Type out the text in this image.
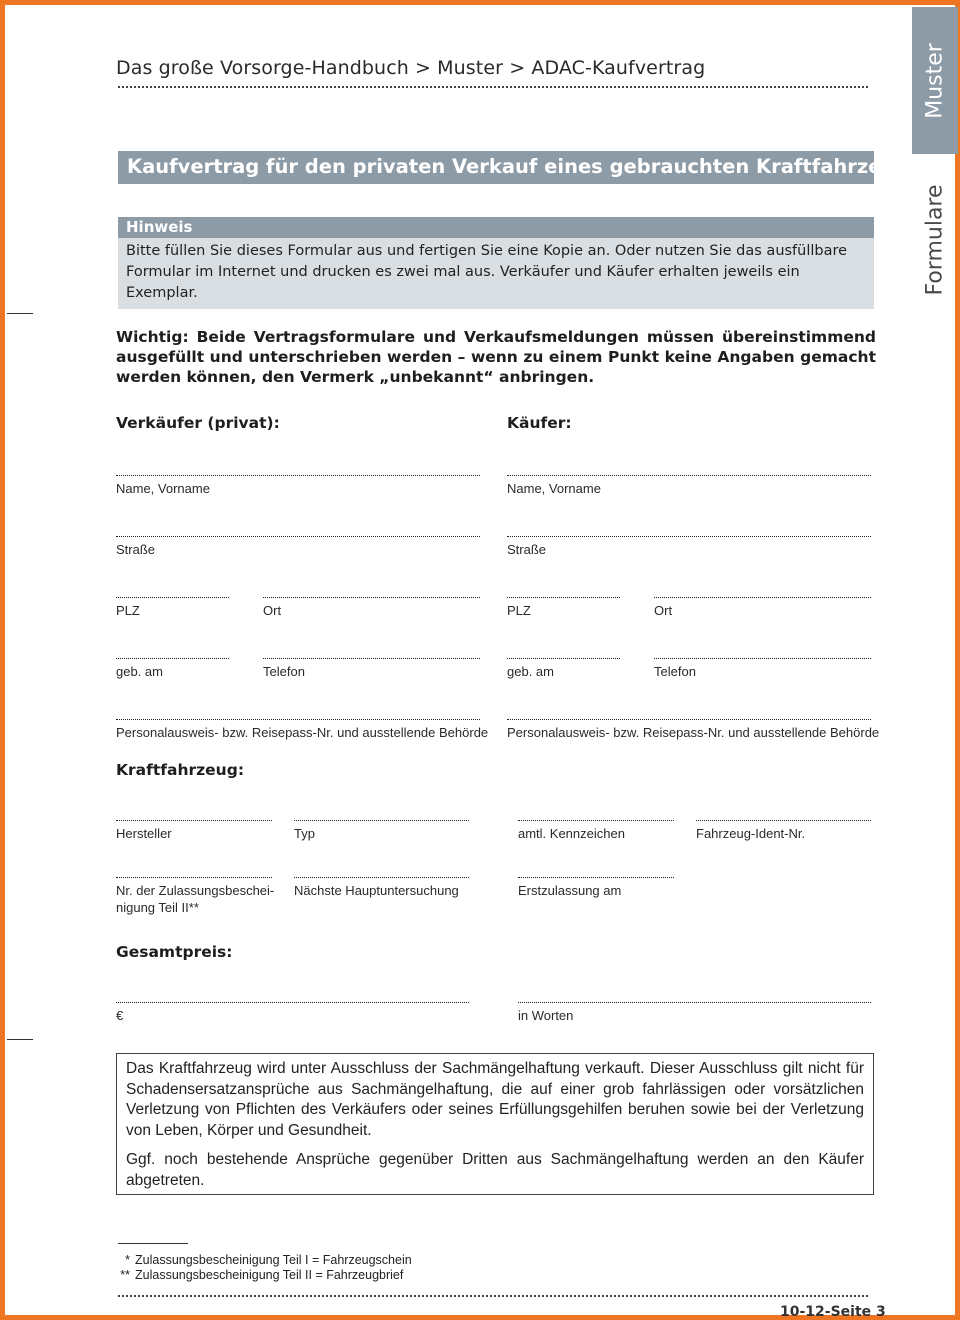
Das große Vorsorge-Handbuch > Muster > ADAC-Kaufvertrag	Muster
Formulare
Kaufvertrag für den privaten Verkauf eines gebrauchten Kraftfahrzeugs
Hinweis
Bitte füllen Sie dieses Formular aus und fertigen Sie eine Kopie an. Oder nutzen Sie das ausfüllbare Formular im Internet und drucken es zwei mal aus. Verkäufer und Käufer erhalten jeweils ein Exemplar.
Wichtig: Beide Vertragsformulare und Verkaufsmeldungen müssen übereinstimmend ausgefüllt und unterschrieben werden – wenn zu einem Punkt keine Angaben gemacht werden können, den Vermerk „unbekannt“ anbringen.
Verkäufer (privat):
Name, Vorname
Straße
PLZ	Ort
geb. am	Telefon
Personalausweis- bzw. Reisepass-Nr. und ausstellende Behörde
Käufer:
Name, Vorname
Straße
PLZ	Ort
geb. am	Telefon
Personalausweis- bzw. Reisepass-Nr. und ausstellende Behörde
Kraftfahrzeug:
Hersteller	Typ	amtl. Kennzeichen	Fahrzeug-Ident-Nr.
Nr. der Zulassungsbeschei-
nigung Teil II**
Nächste Hauptuntersuchung	Erstzulassung am
Gesamtpreis:
€	in Worten

Das Kraftfahrzeug wird unter Ausschluss der Sachmängelhaftung verkauft. Dieser Ausschluss gilt nicht für Schadensersatzansprüche aus Sachmängelhaftung, die auf einer grob fahrlässigen oder vorsätzlichen Verletzung von Pflichten des Verkäufers oder seines Erfüllungsgehilfen beruhen sowie bei der Verletzung von Leben, Körper und Gesundheit.

Ggf. noch bestehende Ansprüche gegenüber Dritten aus Sachmängelhaftung werden an den Käufer abgetreten.

* Zulassungsbescheinigung Teil I = Fahrzeugschein
** Zulassungsbescheinigung Teil II = Fahrzeugbrief
10-12-Seite 3
